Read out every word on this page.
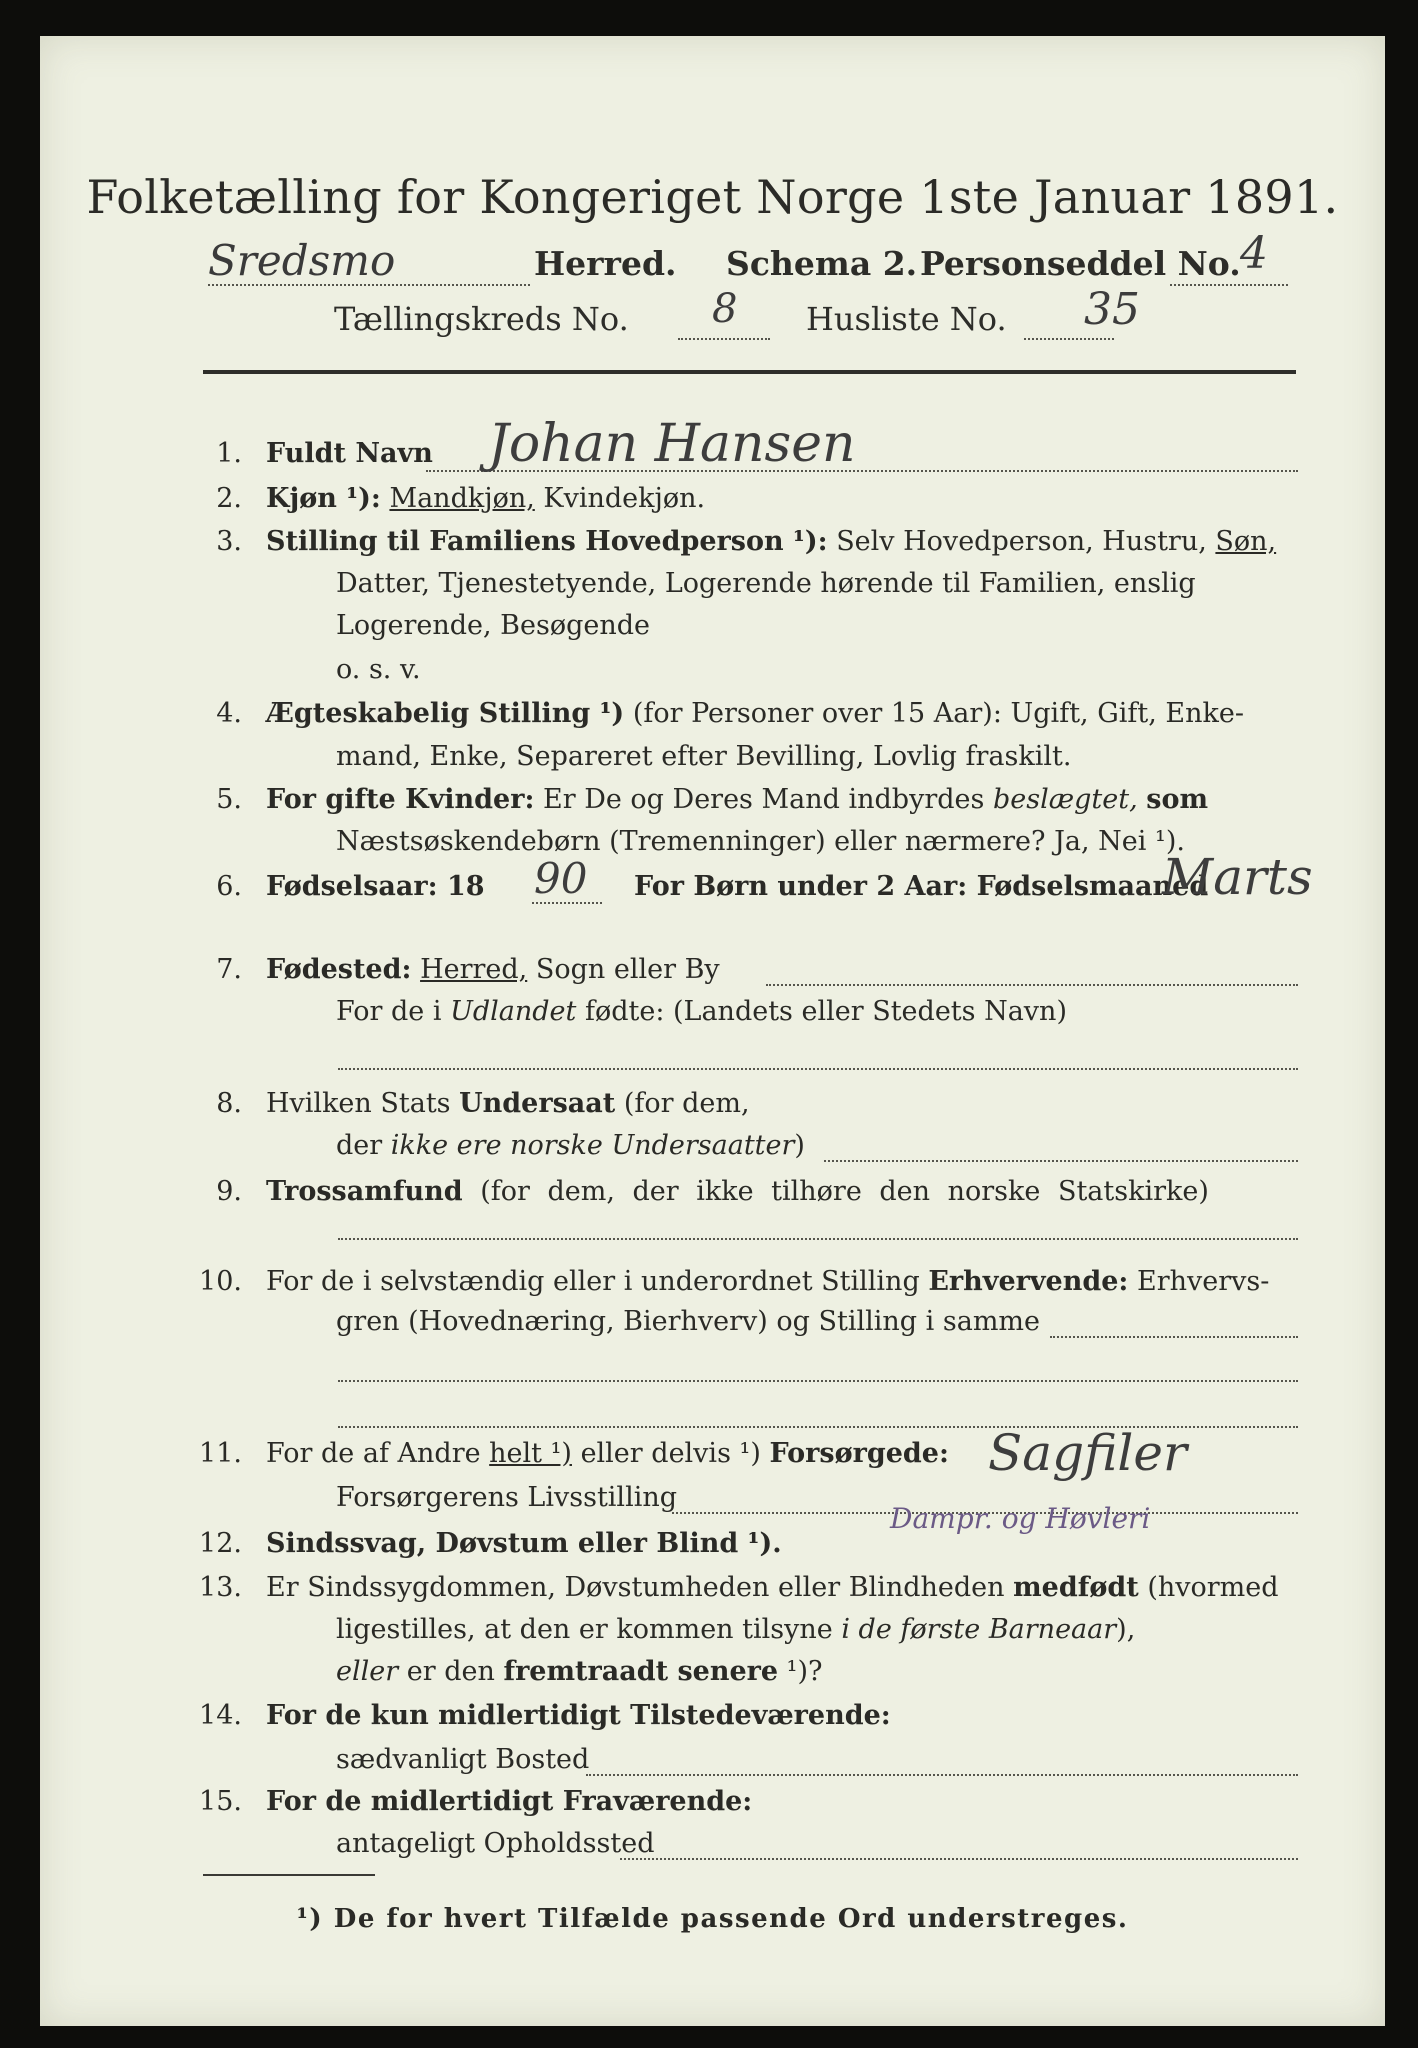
Folketælling for Kongeriget Norge 1ste Januar 1891.
Sredsmo	Herred. Schema 2. Personseddel No. 4
Tællingskreds No. 8 Husliste No. 35
1. Fuldt Navn Johan Hansen
2. Kjøn ¹): Mandkjøn, Kvindekjøn.
3. Stilling til Familiens Hovedperson ¹): Selv Hovedperson, Hustru, Søn,
Datter, Tjenestetyende, Logerende hørende til Familien, enslig
Logerende, Besøgende
o. s. v.
4. Ægteskabelig Stilling ¹) (for Personer over 15 Aar): Ugift, Gift, Enke-
mand, Enke, Separeret efter Bevilling, Lovlig fraskilt.
5. For gifte Kvinder: Er De og Deres Mand indbyrdes beslægtet, som
Næstsøskendebørn (Tremenninger) eller nærmere? Ja, Nei ¹).
6. Fødselsaar: 18 90 For Børn under 2 Aar: Fødselsmaaned
Marts
7. Fødested: Herred, Sogn eller By
For de i Udlandet fødte: (Landets eller Stedets Navn)
8. Hvilken Stats Undersaat (for dem,
der ikke ere norske Undersaatter)
9. Trossamfund (for dem, der ikke tilhøre den norske Statskirke)
10. For de i selvstændig eller i underordnet Stilling Erhvervende: Erhvervs-
gren (Hovednæring, Bierhverv) og Stilling i samme
11. For de af Andre helt ¹) eller delvis ¹) Forsørgede:
Forsørgerens Livsstilling
Sagfiler
Dampr. og Høvleri
12. Sindssvag, Døvstum eller Blind ¹).
13. Er Sindssygdommen, Døvstumheden eller Blindheden medfødt (hvormed
ligestilles, at den er kommen tilsyne i de første Barneaar),
eller er den fremtraadt senere ¹)?
14. For de kun midlertidigt Tilstedeværende:
sædvanligt Bosted
15. For de midlertidigt Fraværende:
antageligt Opholdssted
¹) De for hvert Tilfælde passende Ord understreges.
